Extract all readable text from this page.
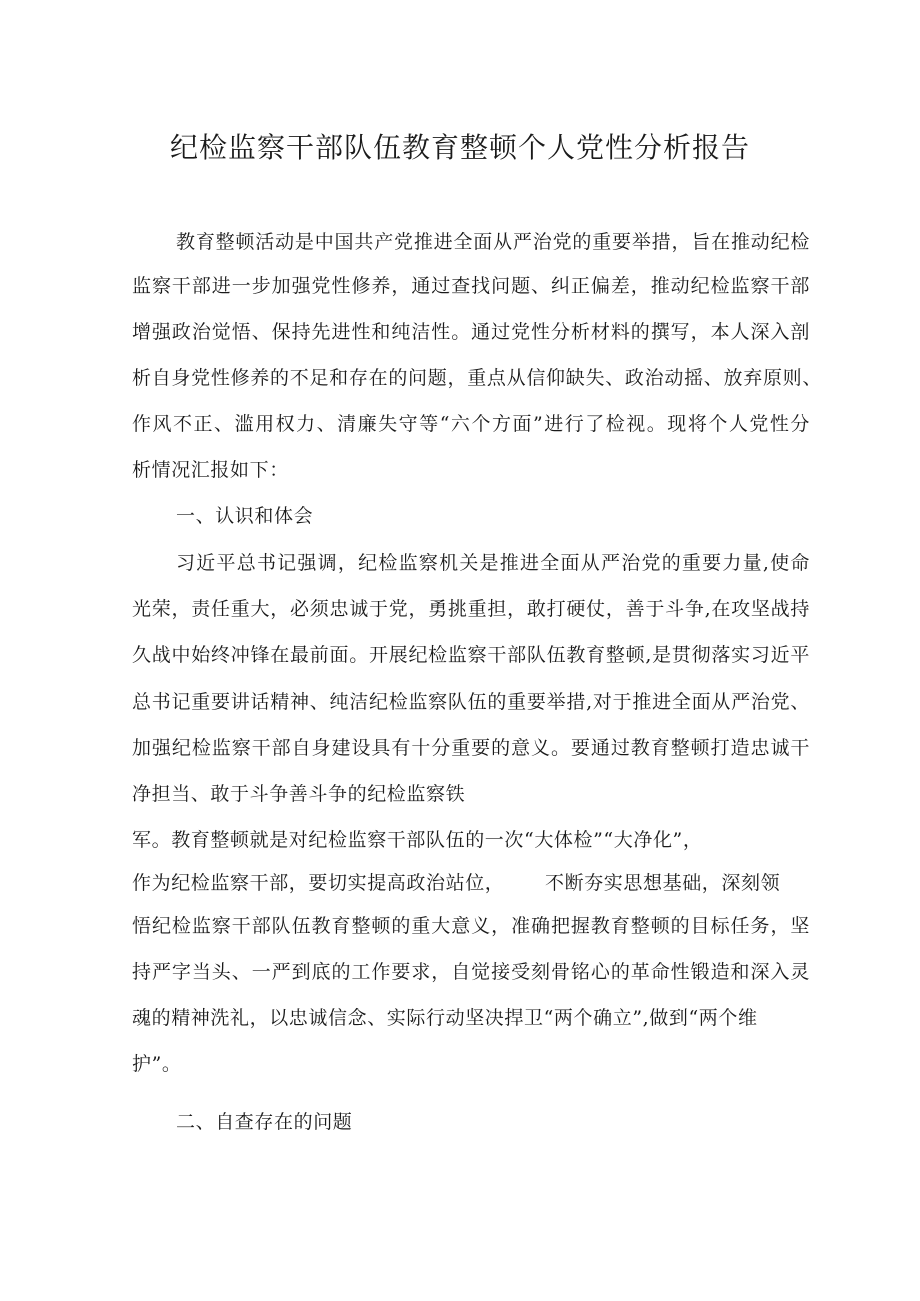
纪检监察干部队伍教育整顿个人党性分析报告
教育整顿活动是中国共产党推进全面从严治党的重要举措，旨在推动纪检
监察干部进一步加强党性修养，通过查找问题、纠正偏差，推动纪检监察干部
增强政治觉悟、保持先进性和纯洁性。通过党性分析材料的撰写，本人深入剖
析自身党性修养的不足和存在的问题，重点从信仰缺失、政治动摇、放弃原则、
作风不正、滥用权力、清廉失守等“六个方面”进行了检视。现将个人党性分
析情况汇报如下：
一、认识和体会
习近平总书记强调，纪检监察机关是推进全面从严治党的重要力量,使命
光荣，责任重大，必须忠诚于党，勇挑重担，敢打硬仗，善于斗争,在攻坚战持
久战中始终冲锋在最前面。开展纪检监察干部队伍教育整顿,是贯彻落实习近平
总书记重要讲话精神、纯洁纪检监察队伍的重要举措,对于推进全面从严治党、
加强纪检监察干部自身建设具有十分重要的意义。要通过教育整顿打造忠诚干
净担当、敢于斗争善斗争的纪检监察铁
军。教育整顿就是对纪检监察干部队伍的一次“大体检”“大净化”，
作为纪检监察干部，要切实提高政治站位， 不断夯实思想基础，深刻领
悟纪检监察干部队伍教育整顿的重大意义，准确把握教育整顿的目标任务，坚
持严字当头、一严到底的工作要求，自觉接受刻骨铭心的革命性锻造和深入灵
魂的精神洗礼，以忠诚信念、实际行动坚决捍卫“两个确立”,做到“两个维
护”。
二、自查存在的问题
